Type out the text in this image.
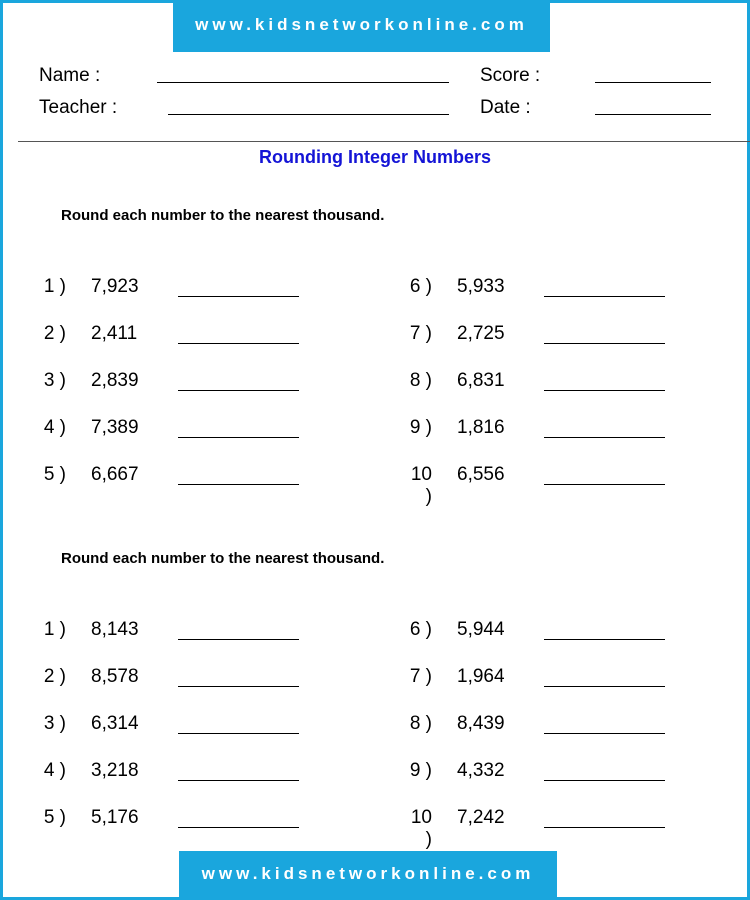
www.kidsnetworkonline.com
Name :	Score :
Teacher :	Date :
Rounding Integer Numbers
Round each number to the nearest thousand.
1 ) 7,923
2 ) 2,411
3 ) 2,839
4 ) 7,389
5 ) 6,667
6 ) 5,933
7 ) 2,725
8 ) 6,831
9 ) 1,816
10 )
6,556
Round each number to the nearest thousand.
1 ) 8,143
2 ) 8,578
3 ) 6,314
4 ) 3,218
5 ) 5,176
6 ) 5,944
7 ) 1,964
8 ) 8,439
9 ) 4,332
10 )
7,242
www.kidsnetworkonline.com
